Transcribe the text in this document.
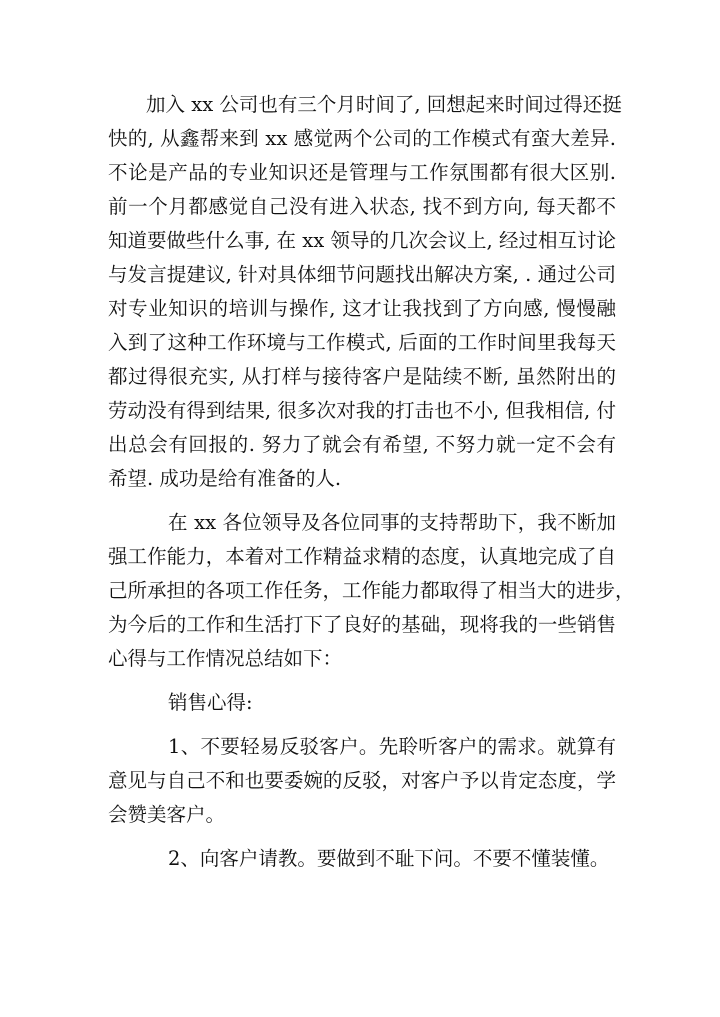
加入 xx 公司也有三个月时间了, 回想起来时间过得还挺
快的, 从鑫帮来到 xx 感觉两个公司的工作模式有蛮大差异.
不论是产品的专业知识还是管理与工作氛围都有很大区别.
前一个月都感觉自己没有进入状态, 找不到方向, 每天都不
知道要做些什么事, 在 xx 领导的几次会议上, 经过相互讨论
与发言提建议, 针对具体细节问题找出解决方案, . 通过公司
对专业知识的培训与操作, 这才让我找到了方向感, 慢慢融
入到了这种工作环境与工作模式, 后面的工作时间里我每天
都过得很充实, 从打样与接待客户是陆续不断, 虽然附出的
劳动没有得到结果, 很多次对我的打击也不小, 但我相信, 付
出总会有回报的. 努力了就会有希望, 不努力就一定不会有
希望. 成功是给有准备的人.
在 xx 各位领导及各位同事的支持帮助下，我不断加
强工作能力，本着对工作精益求精的态度，认真地完成了自
己所承担的各项工作任务，工作能力都取得了相当大的进步，
为今后的工作和生活打下了良好的基础，现将我的一些销售
心得与工作情况总结如下：
销售心得:
1、不要轻易反驳客户。先聆听客户的需求。就算有
意见与自己不和也要委婉的反驳，对客户予以肯定态度，学
会赞美客户。
2、向客户请教。要做到不耻下问。不要不懂装懂。
